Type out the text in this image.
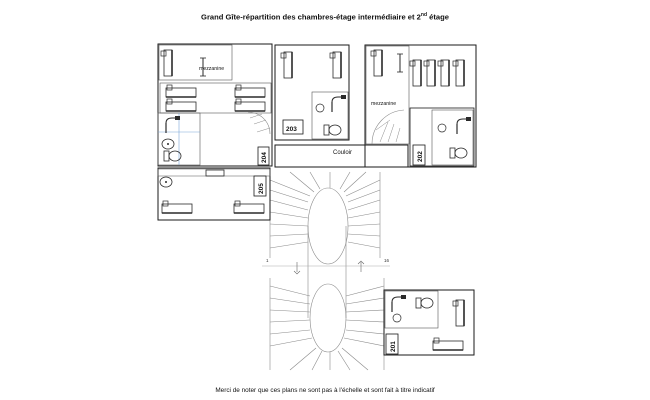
Grand Gîte-répartition des chambres-étage intermédiaire et 2nd étage
1	16
mezzanine
204
205
203
Couloir
mezzanine
202
201
Merci de noter que ces plans ne sont pas à l'échelle et sont fait à titre indicatif
